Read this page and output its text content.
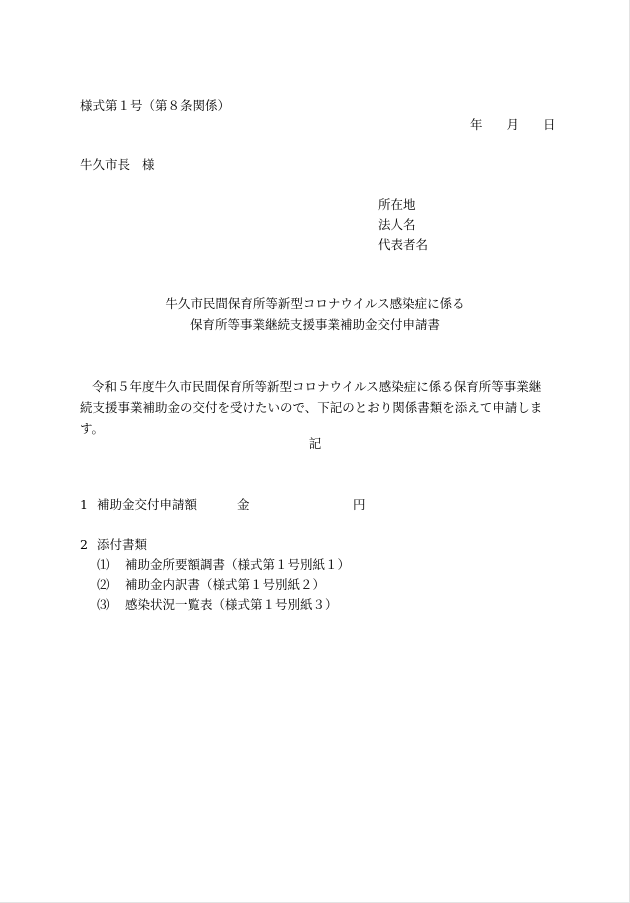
様式第１号（第８条関係）
年 月 日
牛久市長 様
所在地
法人名
代表者名
牛久市民間保育所等新型コロナウイルス感染症に係る
保育所等事業継続支援事業補助金交付申請書
令和５年度牛久市民間保育所等新型コロナウイルス感染症に係る保育所等事業継続支援事業補助金の交付を受けたいので、下記のとおり関係書類を添えて申請します。
記
1 補助金交付申請額	金	円
2 添付書類
⑴ 補助金所要額調書（様式第１号別紙１）
⑵ 補助金内訳書（様式第１号別紙２）
⑶ 感染状況一覧表（様式第１号別紙３）
